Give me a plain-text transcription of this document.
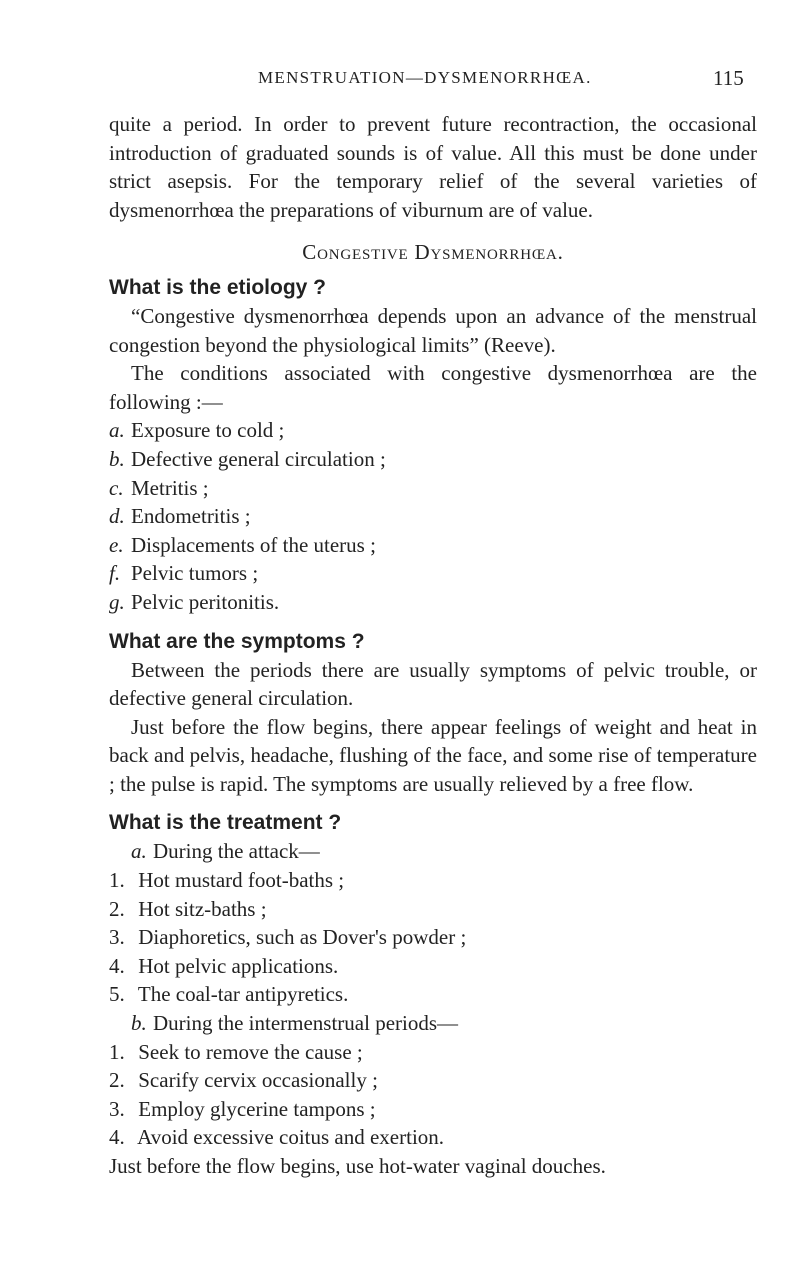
MENSTRUATION—DYSMENORRHŒA.	115

quite a period. In order to prevent future recontraction, the occasional introduction of graduated sounds is of value. All this must be done under strict asepsis. For the temporary relief of the several varieties of dysmenorrhœa the preparations of viburnum are of value.

Congestive Dysmenorrhœa.
What is the etiology ?

“Congestive dysmenorrhœa depends upon an advance of the menstrual congestion beyond the physiological limits” (Reeve).

The conditions associated with congestive dysmenorrhœa are the following :—

a. Exposure to cold ;
b. Defective general circulation ;
c. Metritis ;
d. Endometritis ;
e. Displacements of the uterus ;
f. Pelvic tumors ;
g. Pelvic peritonitis.
What are the symptoms ?

Between the periods there are usually symptoms of pelvic trouble, or defective general circulation.

Just before the flow begins, there appear feelings of weight and heat in back and pelvis, headache, flushing of the face, and some rise of temperature ; the pulse is rapid. The symptoms are usually relieved by a free flow.

What is the treatment ?
a. During the attack—
1. Hot mustard foot-baths ;
2. Hot sitz-baths ;
3. Diaphoretics, such as Dover's powder ;
4. Hot pelvic applications.
5. The coal-tar antipyretics.
b. During the intermenstrual periods—
1. Seek to remove the cause ;
2. Scarify cervix occasionally ;
3. Employ glycerine tampons ;
4. Avoid excessive coitus and exertion.

Just before the flow begins, use hot-water vaginal douches.
